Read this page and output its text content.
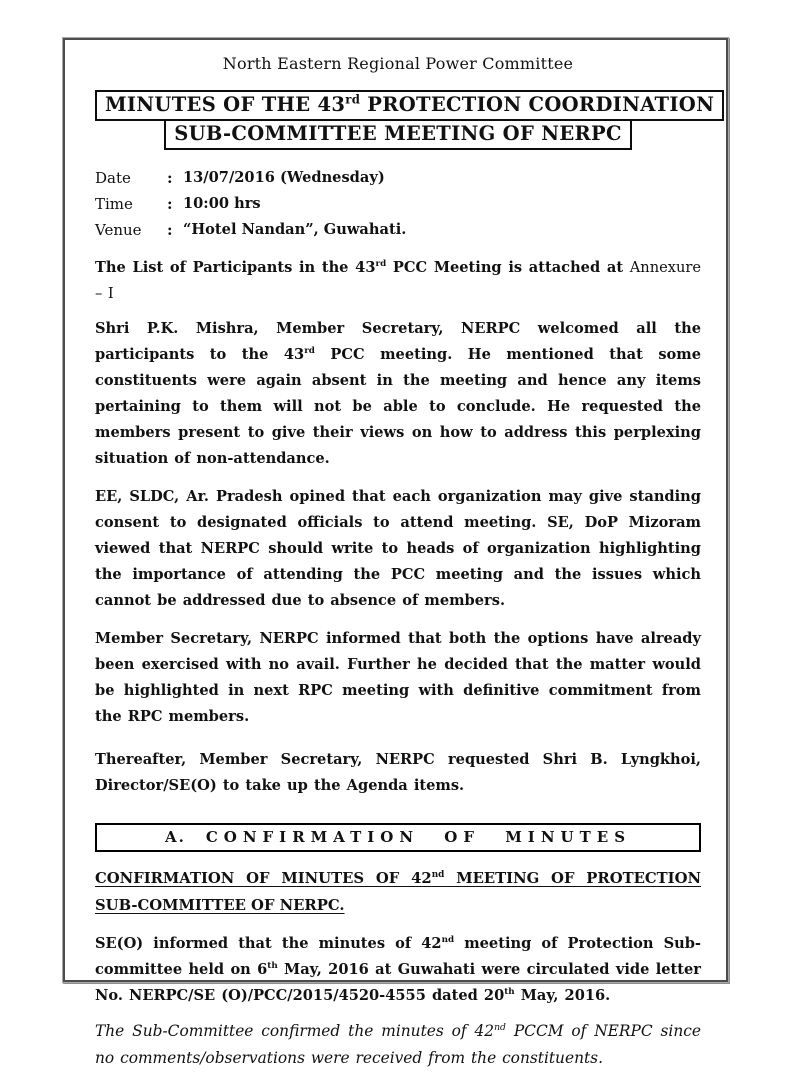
North Eastern Regional Power Committee
MINUTES OF THE 43rd PROTECTION COORDINATION
SUB-COMMITTEE MEETING OF NERPC
Date	: 13/07/2016 (Wednesday)
Time	: 10:00 hrs
Venue	: “Hotel Nandan”, Guwahati.

The List of Participants in the 43rd PCC Meeting is attached at Annexure – I

Shri P.K. Mishra, Member Secretary, NERPC welcomed all the participants to the 43rd PCC meeting. He mentioned that some constituents were again absent in the meeting and hence any items pertaining to them will not be able to conclude. He requested the members present to give their views on how to address this perplexing situation of non-attendance.

EE, SLDC, Ar. Pradesh opined that each organization may give standing consent to designated officials to attend meeting. SE, DoP Mizoram viewed that NERPC should write to heads of organization highlighting the importance of attending the PCC meeting and the issues which cannot be addressed due to absence of members.

Member Secretary, NERPC informed that both the options have already been exercised with no avail. Further he decided that the matter would be highlighted in next RPC meeting with definitive commitment from the RPC members.

Thereafter, Member Secretary, NERPC requested Shri B. Lyngkhoi, Director/SE(O) to take up the Agenda items.

A. CONFIRMATION OF MINUTES

CONFIRMATION OF MINUTES OF 42nd MEETING OF PROTECTION SUB-COMMITTEE OF NERPC.

SE(O) informed that the minutes of 42nd meeting of Protection Sub-committee held on 6th May, 2016 at Guwahati were circulated vide letter No. NERPC/SE (O)/PCC/2015/4520-4555 dated 20th May, 2016.

The Sub-Committee confirmed the minutes of 42nd PCCM of NERPC since no comments/observations were received from the constituents.
